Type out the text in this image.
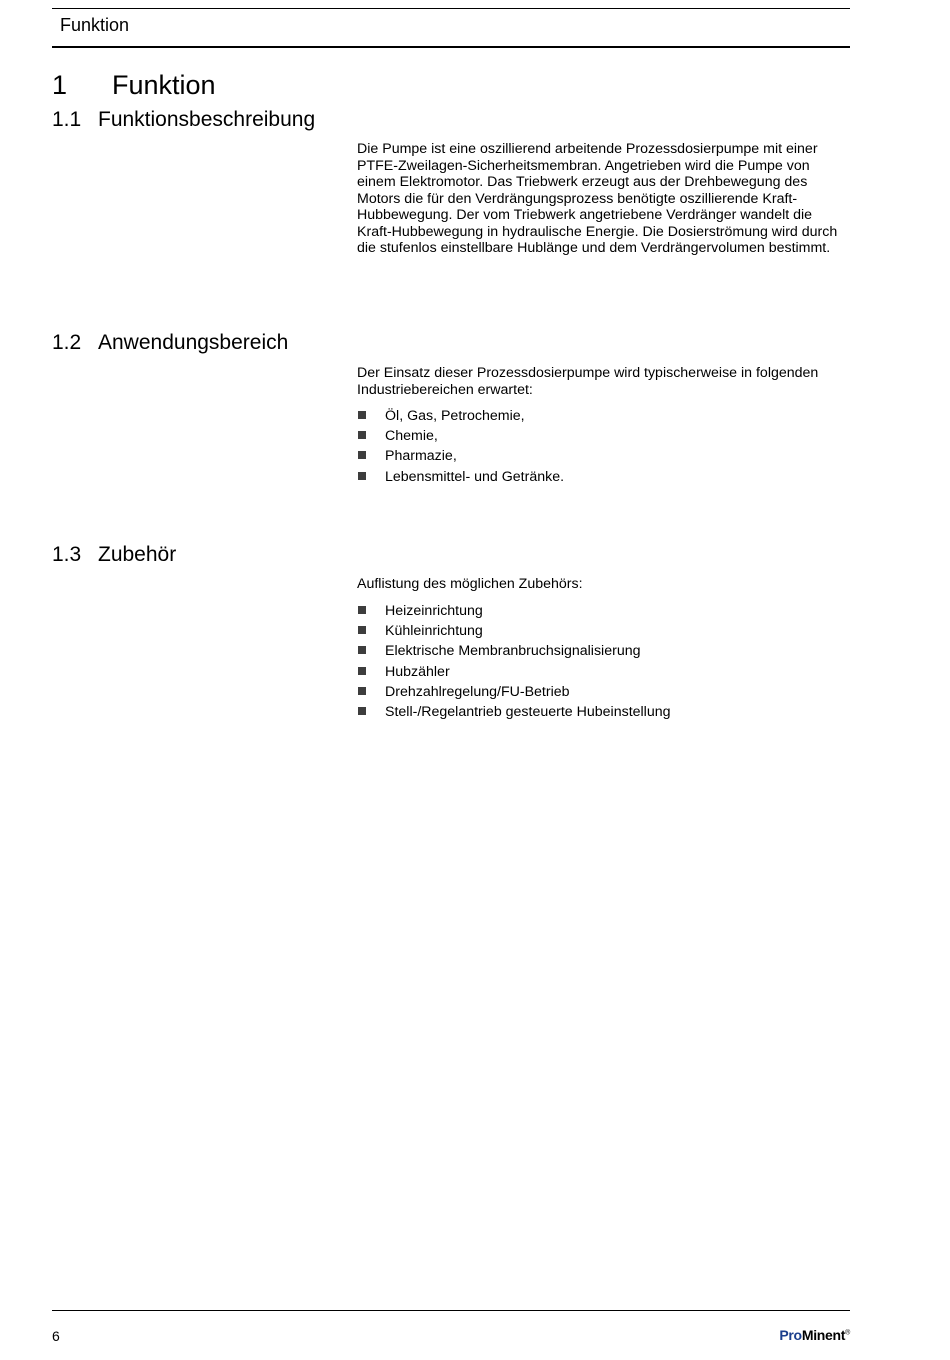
Funktion
1 Funktion
1.1 Funktionsbeschreibung
Die Pumpe ist eine oszillierend arbeitende Prozessdosierpumpe mit einer PTFE-Zweilagen-Sicherheitsmembran. Angetrieben wird die Pumpe von einem Elektromotor. Das Triebwerk erzeugt aus der Drehbewegung des Motors die für den Verdrängungsprozess benötigte oszillierende Kraft-Hubbewegung. Der vom Triebwerk angetriebene Verdränger wandelt die Kraft-Hubbewegung in hydraulische Energie. Die Dosierströmung wird durch die stufenlos einstellbare Hublänge und dem Verdrängervolumen bestimmt.
1.2 Anwendungsbereich
Der Einsatz dieser Prozessdosierpumpe wird typischerweise in folgenden Industriebereichen erwartet:
Öl, Gas, Petrochemie,
Chemie,
Pharmazie,
Lebensmittel- und Getränke.
1.3 Zubehör
Auflistung des möglichen Zubehörs:
Heizeinrichtung
Kühleinrichtung
Elektrische Membranbruchsignalisierung
Hubzähler
Drehzahlregelung/FU-Betrieb
Stell-/Regelantrieb gesteuerte Hubeinstellung
6	ProMinent®
